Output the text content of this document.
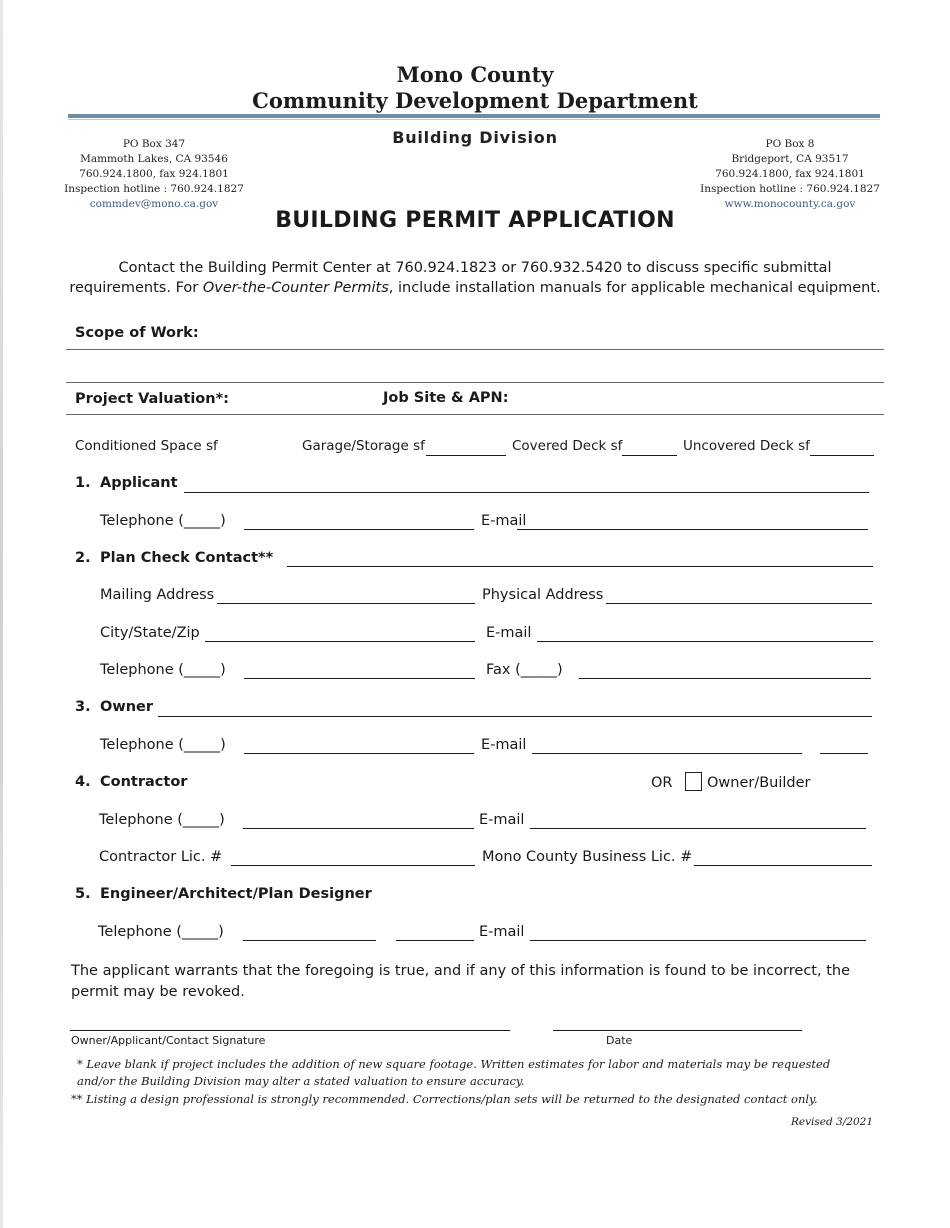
Mono County
Community Development Department
Building Division
PO Box 347
Mammoth Lakes, CA 93546
760.924.1800, fax 924.1801
Inspection hotline : 760.924.1827
commdev@mono.ca.gov
PO Box 8
Bridgeport, CA 93517
760.924.1800, fax 924.1801
Inspection hotline : 760.924.1827
www.monocounty.ca.gov
BUILDING PERMIT APPLICATION
Contact the Building Permit Center at 760.924.1823 or 760.932.5420 to discuss specific submittal
requirements. For Over-the-Counter Permits, include installation manuals for applicable mechanical equipment.
Scope of Work:
Project Valuation*:	Job Site & APN:
Conditioned Space sf	Garage/Storage sf	Covered Deck sf	Uncovered Deck sf
1. Applicant
Telephone (_____)	E-mail
2. Plan Check Contact**
Mailing Address	Physical Address
City/State/Zip	E-mail
Telephone (_____)	Fax (_____)
3. Owner
Telephone (_____)	E-mail
4. Contractor	OR Owner/Builder
Telephone (_____)	E-mail
Contractor Lic. #	Mono County Business Lic. #
5. Engineer/Architect/Plan Designer
Telephone (_____)	E-mail
The applicant warrants that the foregoing is true, and if any of this information is found to be incorrect, the permit may be revoked.
Owner/Applicant/Contact Signature	Date
* Leave blank if project includes the addition of new square footage. Written estimates for labor and materials may be requested and/or the Building Division may alter a stated valuation to ensure accuracy.
** Listing a design professional is strongly recommended. Corrections/plan sets will be returned to the designated contact only.
Revised 3/2021
